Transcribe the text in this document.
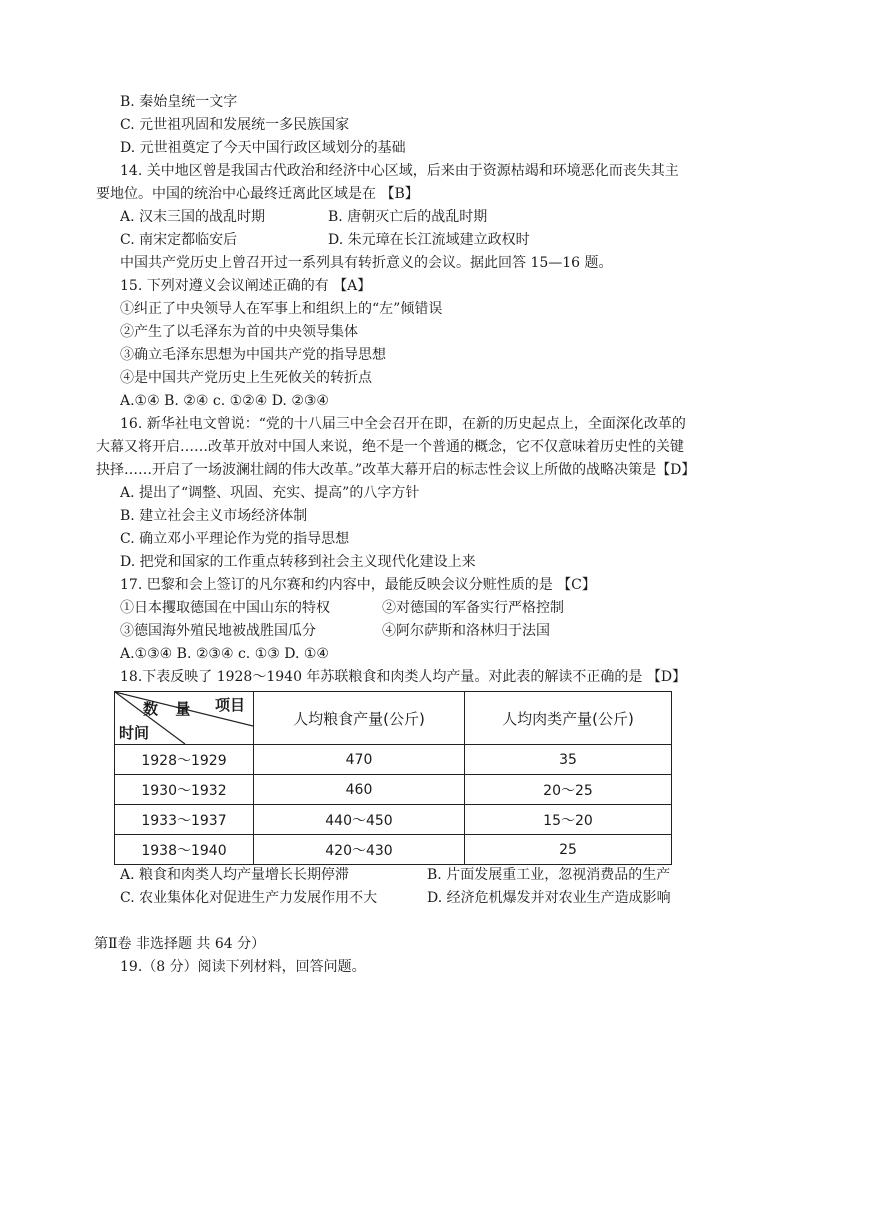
B. 秦始皇统一文字
C. 元世祖巩固和发展统一多民族国家
D. 元世祖奠定了今天中国行政区域划分的基础
14. 关中地区曾是我国古代政治和经济中心区域，后来由于资源枯竭和环境恶化而丧失其主
要地位。中国的统治中心最终迁离此区域是在 【B】
A. 汉末三国的战乱时期	B. 唐朝灭亡后的战乱时期
C. 南宋定都临安后	D. 朱元璋在长江流域建立政权时
中国共产党历史上曾召开过一系列具有转折意义的会议。据此回答 15—16 题。
15. 下列对遵义会议阐述正确的有 【A】
①纠正了中央领导人在军事上和组织上的“左”倾错误
②产生了以毛泽东为首的中央领导集体
③确立毛泽东思想为中国共产党的指导思想
④是中国共产党历史上生死攸关的转折点
A.①④ B. ②④ c. ①②④ D. ②③④
16. 新华社电文曾说：“党的十八届三中全会召开在即，在新的历史起点上，全面深化改革的
大幕又将开启……改革开放对中国人来说，绝不是一个普通的概念，它不仅意味着历史性的关键
抉择……开启了一场波澜壮阔的伟大改革。”改革大幕开启的标志性会议上所做的战略决策是【D】
A. 提出了“调整、巩固、充实、提高”的八字方针
B. 建立社会主义市场经济体制
C. 确立邓小平理论作为党的指导思想
D. 把党和国家的工作重点转移到社会主义现代化建设上来
17. 巴黎和会上签订的凡尔赛和约内容中，最能反映会议分赃性质的是 【C】
①日本攫取德国在中国山东的特权	②对德国的军备实行严格控制
③德国海外殖民地被战胜国瓜分	④阿尔萨斯和洛林归于法国
A.①③④ B. ②③④ c. ①③ D. ①④
18.下表反映了 1928～1940 年苏联粮食和肉类人均产量。对此表的解读不正确的是 【D】
数 量 项目
时间	人均粮食产量(公斤)	人均肉类产量(公斤)
1928～1929	470	35
1930～1932	460	20～25
1933～1937	440～450	15～20
1938～1940	420～430	25
A. 粮食和肉类人均产量增长长期停滞	B. 片面发展重工业，忽视消费品的生产
C. 农业集体化对促进生产力发展作用不大	D. 经济危机爆发并对农业生产造成影响
第Ⅱ卷 非选择题 共 64 分）
19.（8 分）阅读下列材料，回答问题。
